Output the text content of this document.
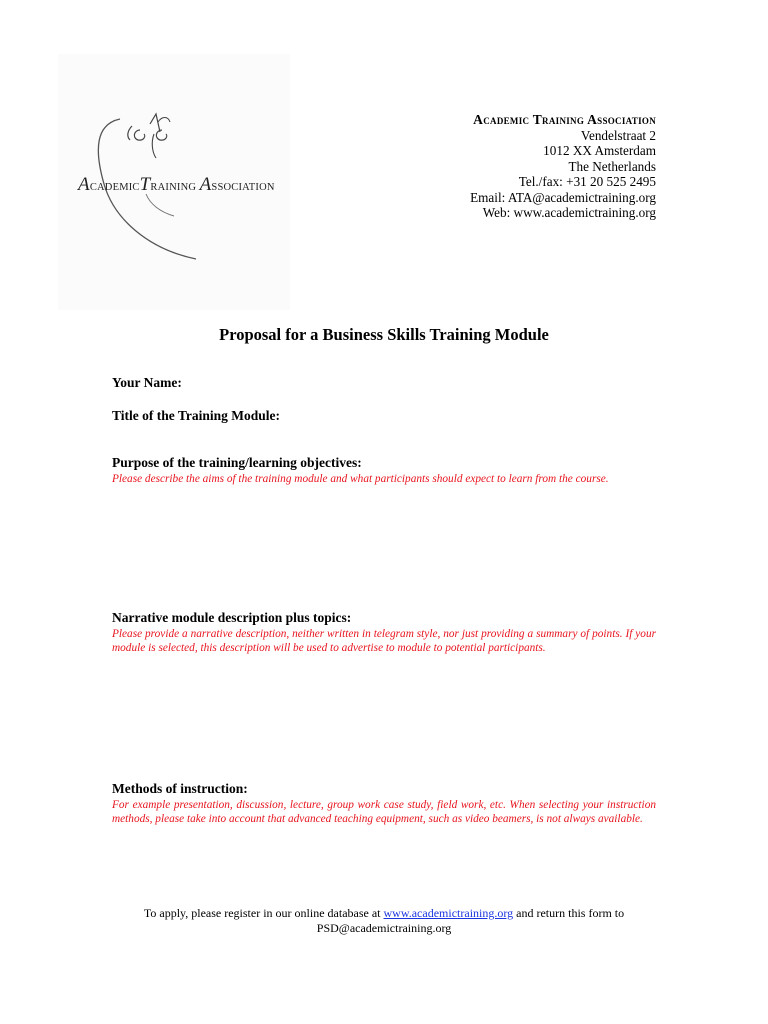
ACADEMICTRAINING ASSOCIATION
Academic Training Association
Vendelstraat 2
1012 XX Amsterdam
The Netherlands
Tel./fax: +31 20 525 2495
Email: ATA@academictraining.org
Web: www.academictraining.org
Proposal for a Business Skills Training Module
Your Name:
Title of the Training Module:
Purpose of the training/learning objectives:
Please describe the aims of the training module and what participants should expect to learn from the course.
Narrative module description plus topics:
Please provide a narrative description, neither written in telegram style, nor just providing a summary of points. If your module is selected, this description will be used to advertise to module to potential participants.
Methods of instruction:
For example presentation, discussion, lecture, group work case study, field work, etc. When selecting your instruction methods, please take into account that advanced teaching equipment, such as video beamers, is not always available.
To apply, please register in our online database at www.academictraining.org and return this form to
PSD@academictraining.org
